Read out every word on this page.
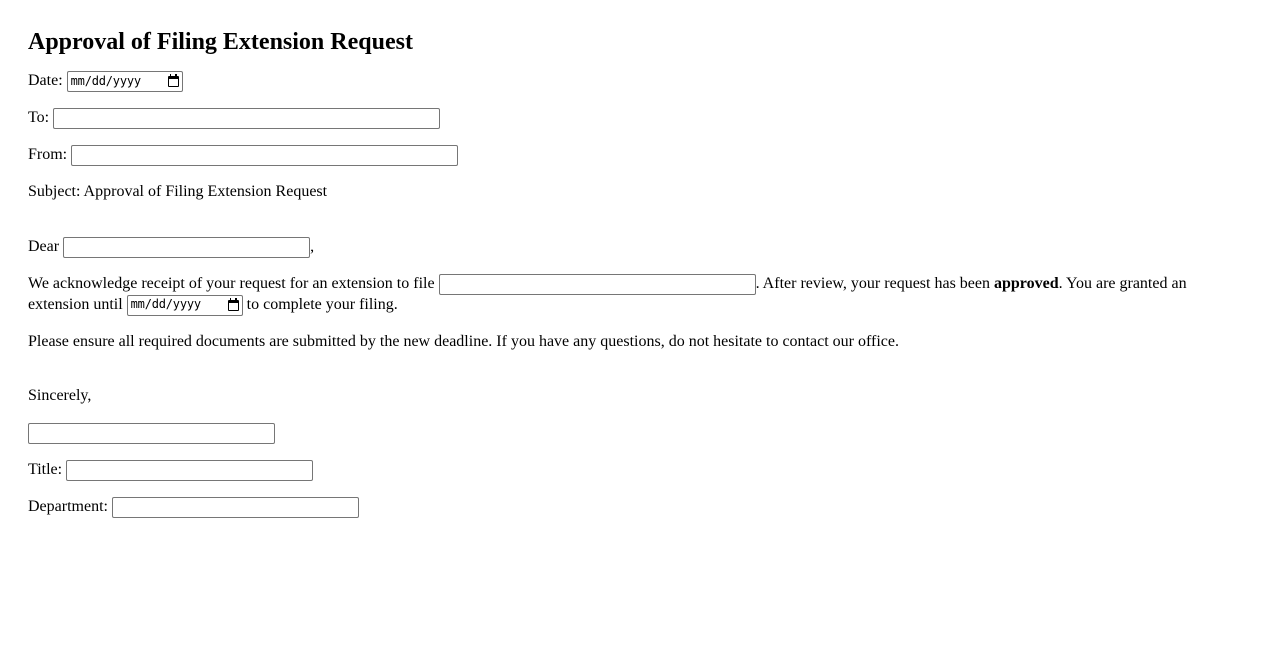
Approval of Filing Extension Request

Date: mm/dd/yyyy

To:

From:

Subject: Approval of Filing Extension Request

Dear	,

We acknowledge receipt of your request for an extension to file	. After review, your request has been approved. You are granted an extension until mm/dd/yyyy	to complete your filing.

Please ensure all required documents are submitted by the new deadline. If you have any questions, do not hesitate to contact our office.

Sincerely,

Title:

Department:
